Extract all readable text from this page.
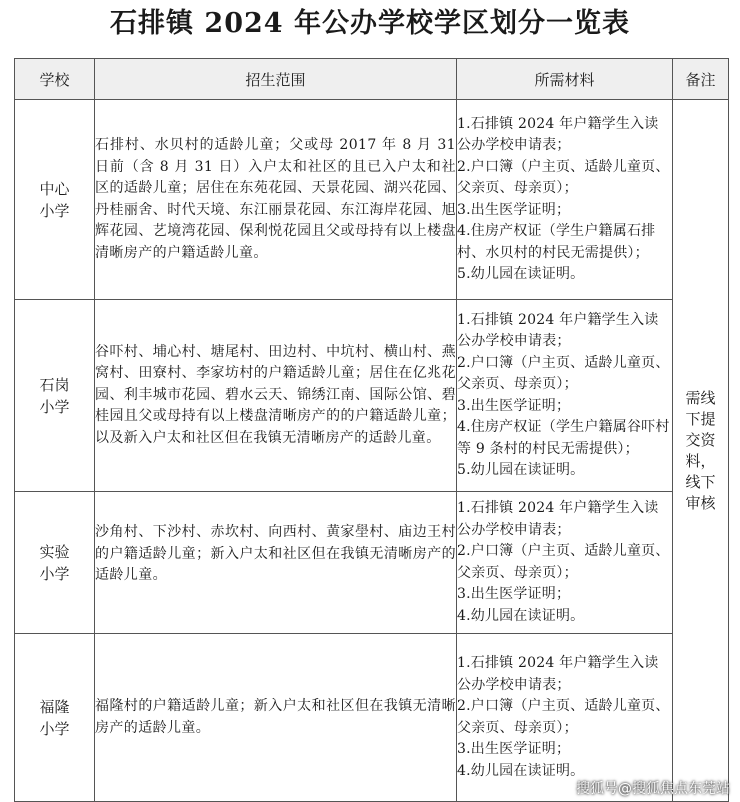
石排镇 2024 年公办学校学区划分一览表
学校	招生范围	所需材料	备注
中心小学	石排村、水贝村的适龄儿童；父或母 2017 年 8 月 31 日前（含 8 月 31 日）入户太和社区的且已入户太和社区的适龄儿童；居住在东苑花园、天景花园、湖兴花园、丹桂丽舍、时代天境、东江丽景花园、东江海岸花园、旭辉花园、艺境湾花园、保利悦花园且父或母持有以上楼盘清晰房产的户籍适龄儿童。	1.石排镇 2024 年户籍学生入读公办学校申请表；
2.户口簿（户主页、适龄儿童页、父亲页、母亲页）；
3.出生医学证明；
4.住房产权证（学生户籍属石排村、水贝村的村民无需提供）；
5.幼儿园在读证明。	需线下提交资料，线下审核
石岗小学	谷吓村、埔心村、塘尾村、田边村、中坑村、横山村、燕窝村、田寮村、李家坊村的户籍适龄儿童；居住在亿兆花园、利丰城市花园、碧水云天、锦绣江南、国际公馆、碧桂园且父或母持有以上楼盘清晰房产的的户籍适龄儿童；以及新入户太和社区但在我镇无清晰房产的适龄儿童。	1.石排镇 2024 年户籍学生入读公办学校申请表；
2.户口簿（户主页、适龄儿童页、父亲页、母亲页）；
3.出生医学证明；
4.住房产权证（学生户籍属谷吓村等 9 条村的村民无需提供）；
5.幼儿园在读证明。	

实验小学	沙角村、下沙村、赤坎村、向西村、黄家壆村、庙边王村的户籍适龄儿童；新入户太和社区但在我镇无清晰房产的适龄儿童。	1.石排镇 2024 年户籍学生入读公办学校申请表；
2.户口簿（户主页、适龄儿童页、父亲页、母亲页）；
3.出生医学证明；
4.幼儿园在读证明。	

福隆小学	福隆村的户籍适龄儿童；新入户太和社区但在我镇无清晰房产的适龄儿童。	1.石排镇 2024 年户籍学生入读公办学校申请表；
2.户口簿（户主页、适龄儿童页、父亲页、母亲页）；
3.出生医学证明；
4.幼儿园在读证明。	
搜狐号@搜狐焦点东莞站
